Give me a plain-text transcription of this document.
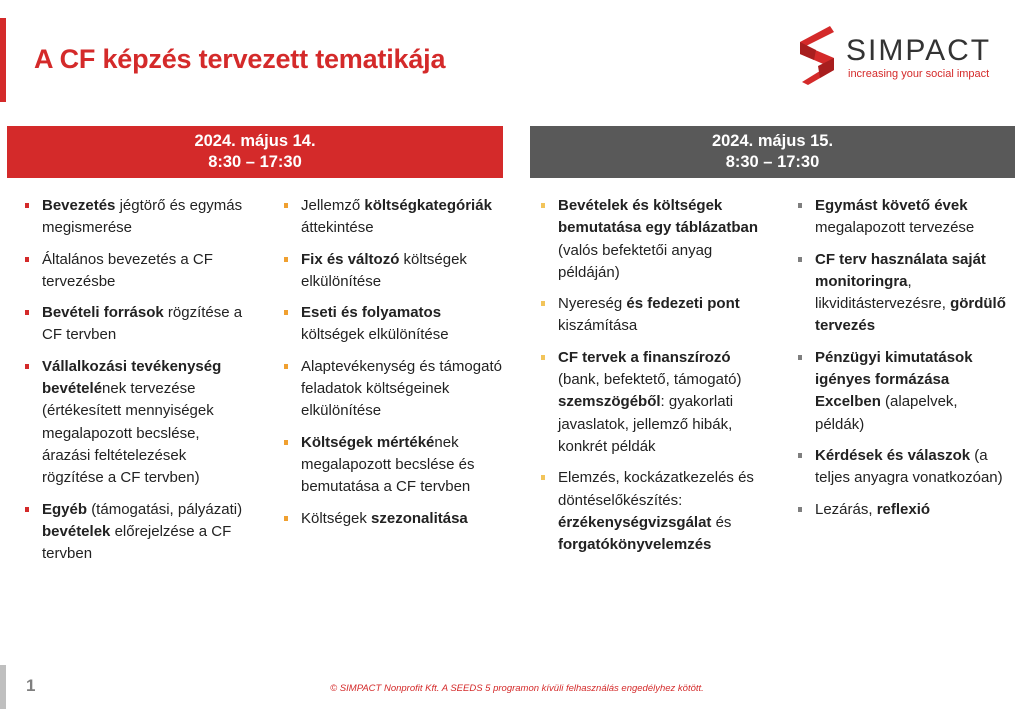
A CF képzés tervezett tematikája	SIMPACT
increasing your social impact
2024. május 14.
8:30 – 17:30
2024. május 15.
8:30 – 17:30
Bevezetés jégtörő és egymás megismerése
Általános bevezetés a CF tervezésbe
Bevételi források rögzítése a CF tervben
Vállalkozási tevékenység bevételének tervezése (értékesített mennyiségek megalapozott becslése, árazási feltételezések rögzítése a CF tervben)
Egyéb (támogatási, pályázati) bevételek előrejelzése a CF tervben
Jellemző költségkategóriák áttekintése
Fix és változó költségek elkülönítése
Eseti és folyamatos költségek elkülönítése
Alaptevékenység és támogató feladatok költségeinek elkülönítése
Költségek mértékének megalapozott becslése és bemutatása a CF tervben
Költségek szezonalitása
Bevételek és költségek bemutatása egy táblázatban (valós befektetői anyag példáján)
Nyereség és fedezeti pont kiszámítása
CF tervek a finanszírozó (bank, befektető, támogató) szemszögéből: gyakorlati javaslatok, jellemző hibák, konkrét példák
Elemzés, kockázatkezelés és döntéselőkészítés: érzékenységvizsgálat és forgatókönyvelemzés
Egymást követő évek megalapozott tervezése
CF terv használata saját monitoringra, likviditástervezésre, gördülő tervezés
Pénzügyi kimutatások igényes formázása Excelben (alapelvek, példák)
Kérdések és válaszok (a teljes anyagra vonatkozóan)
Lezárás, reflexió
1	© SIMPACT Nonprofit Kft. A SEEDS 5 programon kívüli felhasználás engedélyhez kötött.
